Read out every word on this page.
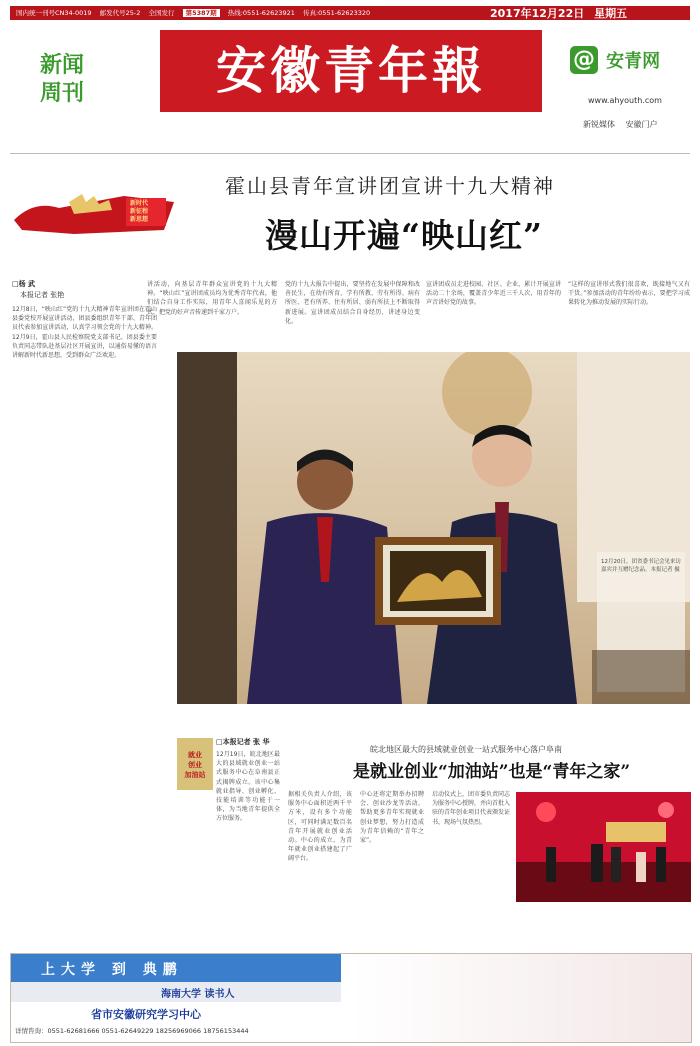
国内统一刊号CN34-0019 邮发代号25-2 全国发行 第5387期 热线:0551-62623921 传真:0551-62623320	2017年12月22日 星期五
新闻
周刊	安徽青年報	@ 安青网
www.ahyouth.com
新锐媒体 安徽门户
新时代
新征程
新思想
霍山县青年宣讲团宣讲十九大精神
漫山开遍“映山红”
□杨 武
本报记者 张艳
12月8日，“映山红”党的十九大精神青年宣讲团在霍山县委党校开展宣讲活动，团县委组织青年干部、青年团员代表参加宣讲活动，认真学习领会党的十九大精神。12月9日，霍山县人民检察院党支部书记、团县委主要负责同志带队赴基层社区开展宣讲，以通俗易懂的语言讲解新时代新思想，受到群众广泛欢迎。
讲活动，向基层青年群众宣讲党的十九大精神。“映山红”宣讲团成员均为优秀青年代表，他们结合自身工作实际，用青年人喜闻乐见的方式，把党的好声音传递到千家万户。
党的十九大报告中提出，要坚持在发展中保障和改善民生，在幼有所育、学有所教、劳有所得、病有所医、老有所养、住有所居、弱有所扶上不断取得新进展。宣讲团成员结合自身经历，讲述身边变化。
宣讲团成员走进校园、社区、企业，累计开展宣讲活动二十余场，覆盖青少年近三千人次，用青年的声音讲好党的故事。
“这样的宣讲形式我们很喜欢，既接地气又有干货。”参加活动的青年纷纷表示，要把学习成果转化为推动发展的实际行动。
12月20日，团省委书记会见来访嘉宾并互赠纪念品。本报记者 摄
就业
创业
加油站
□本报记者 张 华
皖北地区最大的县域就业创业一站式服务中心落户阜南
是就业创业“加油站”也是“青年之家”
12月19日，皖北地区最大的县域就业创业一站式服务中心在阜南县正式揭牌成立。该中心集就业指导、创业孵化、技能培训等功能于一体，为当地青年提供全方位服务。
据相关负责人介绍，该服务中心面积近两千平方米，设有多个功能区，可同时满足数百名青年开展就业创业活动。中心的成立，为青年就业创业搭建起了广阔平台。
中心还将定期举办招聘会、创业沙龙等活动，帮助更多青年实现就业创业梦想，努力打造成为青年信赖的“青年之家”。
启动仪式上，团市委负责同志为服务中心授牌，并向首批入驻的青年创业项目代表颁发证书，现场气氛热烈。
上大学 到 典鹏
海南大学 读书人
省市安徽研究学习中心
详情咨询：0551-62681666 0551-62649229 18256969066 18756153444
